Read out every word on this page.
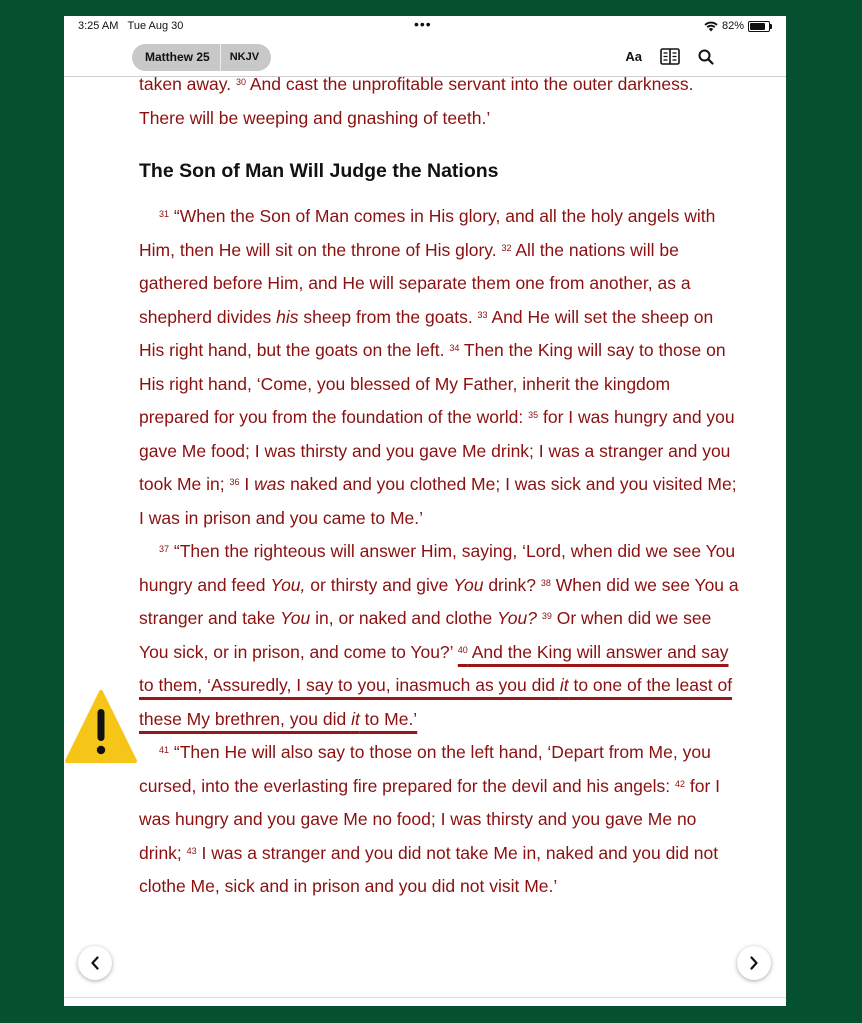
3:25 AM Tue Aug 30	•••	82%
Matthew 25	NKJV	Aa

taken away. $^{30}$ And cast the unprofitable servant into the outer darkness. There will be weeping and gnashing of teeth.’

The Son of Man Will Judge the Nations

$^{31}$ “When the Son of Man comes in His glory, and all the holy angels with Him, then He will sit on the throne of His glory. $^{32}$ All the nations will be gathered before Him, and He will separate them one from another, as a shepherd divides his sheep from the goats. $^{33}$ And He will set the sheep on His right hand, but the goats on the left. $^{34}$ Then the King will say to those on His right hand, ‘Come, you blessed of My Father, inherit the kingdom prepared for you from the foundation of the world: $^{35}$ for I was hungry and you gave Me food; I was thirsty and you gave Me drink; I was a stranger and you took Me in; $^{36}$ I was naked and you clothed Me; I was sick and you visited Me; I was in prison and you came to Me.’

$^{37}$ “Then the righteous will answer Him, saying, ‘Lord, when did we see You hungry and feed You, or thirsty and give You drink? $^{38}$ When did we see You a stranger and take You in, or naked and clothe You? $^{39}$ Or when did we see You sick, or in prison, and come to You?’ $^{40}$ And the King will answer and say to them, ‘Assuredly, I say to you, inasmuch as you did it to one of the least of these My brethren, you did it to Me.’

$^{41}$ “Then He will also say to those on the left hand, ‘Depart from Me, you cursed, into the everlasting fire prepared for the devil and his angels: $^{42}$ for I was hungry and you gave Me no food; I was thirsty and you gave Me no drink; $^{43}$ I was a stranger and you did not take Me in, naked and you did not clothe Me, sick and in prison and you did not visit Me.’
